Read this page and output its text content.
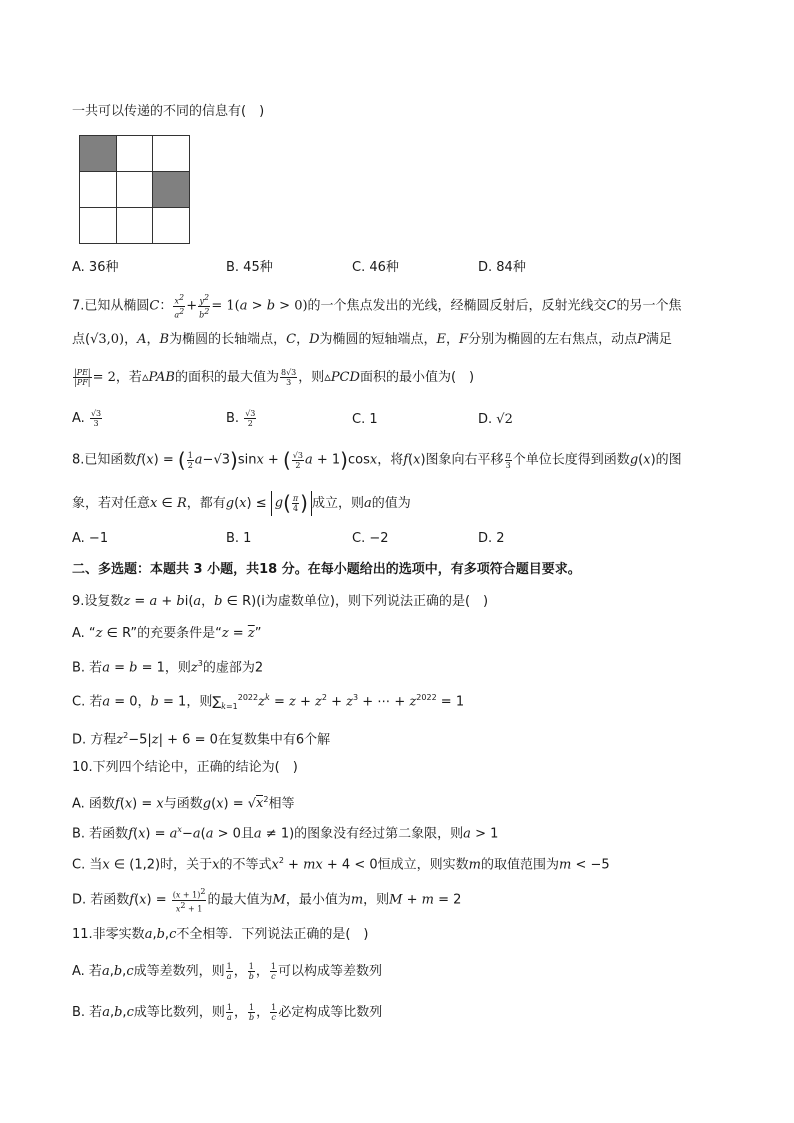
一共可以传递的不同的信息有(　)

A. 36种	B. 45种	C. 46种	D. 84种
7.已知从椭圆C： $\frac{x^2}{a^2} + \frac{y^2}{b^2} = 1(a > b > 0)$的一个焦点发出的光线，经椭圆反射后，反射光线交C的另一个焦
点(√3,0)，A，B为椭圆的长轴端点，C，D为椭圆的短轴端点，E，F分别为椭圆的左右焦点，动点P满足
$\frac{|PE|}{|PF|} = 2$，若▵PAB的面积的最大值为 $\frac{8√3}{3}$ ，则▵PCD面积的最小值为(　)
A. $\frac{√3}{3}$	B. $\frac{√3}{2}$	C. 1	D. √2
8.已知函数f(x) = ( $\frac{1}{2} a-√3)\sin x$ + ( $\frac{√3}{2}$ a + 1)cosx，将f(x)图象向右平移 $\frac{\pi}{3}$ 个单位长度得到函数g(x)的图
象，若对任意x ∈ R，都有$g(x) \le g( \frac{\pi}{4}$ ) 成立，则a的值为
A. −1	B. 1	C. −2	D. 2
二、多选题：本题共 3 小题，共18 分。在每小题给出的选项中，有多项符合题目要求。
9.设复数z = a + bi(a，b ∈ R)(i为虚数单位)，则下列说法正确的是(　)
A. “z ∈ R”的充要条件是“$z = \overline{z}$”
B. 若a = b = 1，则$z^3$的虚部为2
C. 若a = 0，b = 1，则$\sum_{k=1}^{2022}z^k = z + z^2 + z^3$ + ⋯ + $z^{2022} = 1$
D. 方程$z^2-5|z| + 6 = 0$在复数集中有6个解
10.下列四个结论中，正确的结论为(　)
A. 函数f(x) = x与函数$g(x) = √x^2$相等
B. 若函数$f(x) = a^x-a(a > 0$且a ≠ 1)的图象没有经过第二象限，则a > 1
C. 当x ∈ (1,2)时，关于x的不等式$x^2$ + mx + 4 < 0恒成立，则实数m的取值范围为m < −5
D. 若函数$f(x) = \frac{(x + 1)^2}{x^2 + 1}$ 的最大值为M，最小值为m，则M + m = 2
11.非零实数a,b,c不全相等．下列说法正确的是(　)
A. 若a,b,c成等差数列，则 $\frac{1}{a}$ ， $\frac{1}{b}$ ， $\frac{1}{c}$ 可以构成等差数列
B. 若a,b,c成等比数列，则 $\frac{1}{a}$ ， $\frac{1}{b}$ ， $\frac{1}{c}$ 必定构成等比数列
